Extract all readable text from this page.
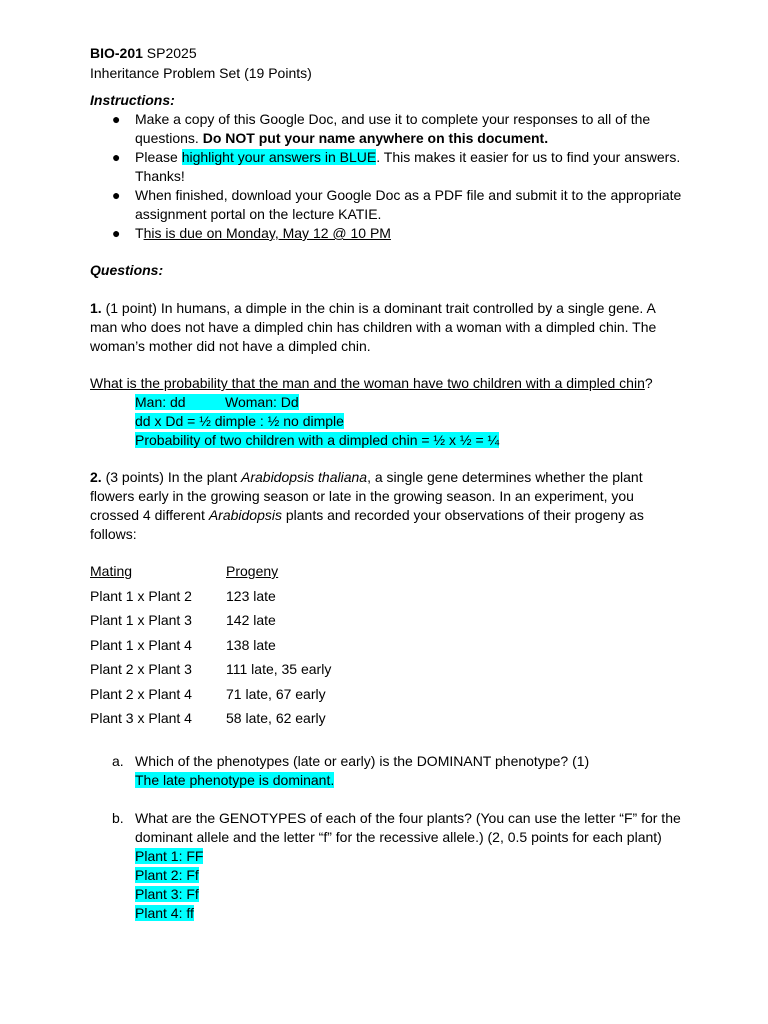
BIO-201 SP2025
Inheritance Problem Set (19 Points)
Instructions:
● Make a copy of this Google Doc, and use it to complete your responses to all of the
questions. Do NOT put your name anywhere on this document.
● Please highlight your answers in BLUE. This makes it easier for us to find your answers.
Thanks!
● When finished, download your Google Doc as a PDF file and submit it to the appropriate
assignment portal on the lecture KATIE.
● This is due on Monday, May 12 @ 10 PM
Questions:
1. (1 point) In humans, a dimple in the chin is a dominant trait controlled by a single gene. A
man who does not have a dimpled chin has children with a woman with a dimpled chin. The
woman’s mother did not have a dimpled chin.
What is the probability that the man and the woman have two children with a dimpled chin?
Man: dd	Woman: Dd
dd x Dd = ½ dimple : ½ no dimple
Probability of two children with a dimpled chin = ½ x ½ = ¼
2. (3 points) In the plant Arabidopsis thaliana, a single gene determines whether the plant
flowers early in the growing season or late in the growing season. In an experiment, you
crossed 4 different Arabidopsis plants and recorded your observations of their progeny as
follows:
Mating	Progeny
Plant 1 x Plant 2 123 late
Plant 1 x Plant 3 142 late
Plant 1 x Plant 4 138 late
Plant 2 x Plant 3 111 late, 35 early
Plant 2 x Plant 4 71 late, 67 early
Plant 3 x Plant 4 58 late, 62 early
a. Which of the phenotypes (late or early) is the DOMINANT phenotype? (1)
The late phenotype is dominant.
b. What are the GENOTYPES of each of the four plants? (You can use the letter “F” for the
dominant allele and the letter “f” for the recessive allele.) (2, 0.5 points for each plant)
Plant 1: FF
Plant 2: Ff
Plant 3: Ff
Plant 4: ff
